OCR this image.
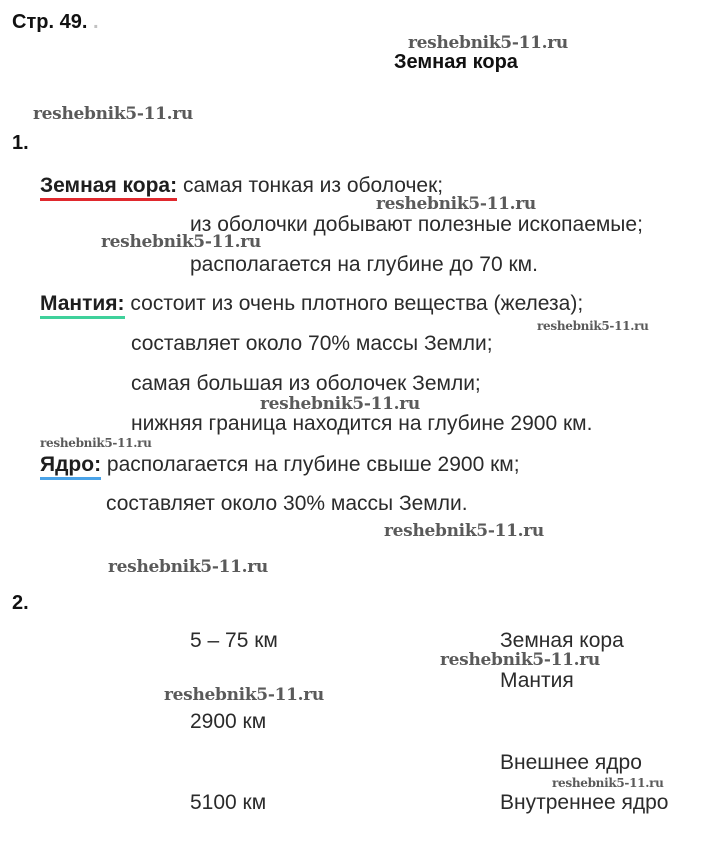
Стр. 49. .
Земная кора
1.
Земная кора: самая тонкая из оболочек;
из оболочки добывают полезные ископаемые;
располагается на глубине до 70 км.
Мантия: состоит из очень плотного вещества (железа);
составляет около 70% массы Земли;
самая большая из оболочек Земли;
нижняя граница находится на глубине 2900 км.
Ядро: располагается на глубине свыше 2900 км;
составляет около 30% массы Земли.
2.
5 – 75 км
2900 км
5100 км
Земная кора
Мантия
Внешнее ядро
Внутреннее ядро
reshebnik5-11.ru
reshebnik5-11.ru
reshebnik5-11.ru
reshebnik5-11.ru
reshebnik5-11.ru
reshebnik5-11.ru
reshebnik5-11.ru
reshebnik5-11.ru
reshebnik5-11.ru
reshebnik5-11.ru
reshebnik5-11.ru
reshebnik5-11.ru
